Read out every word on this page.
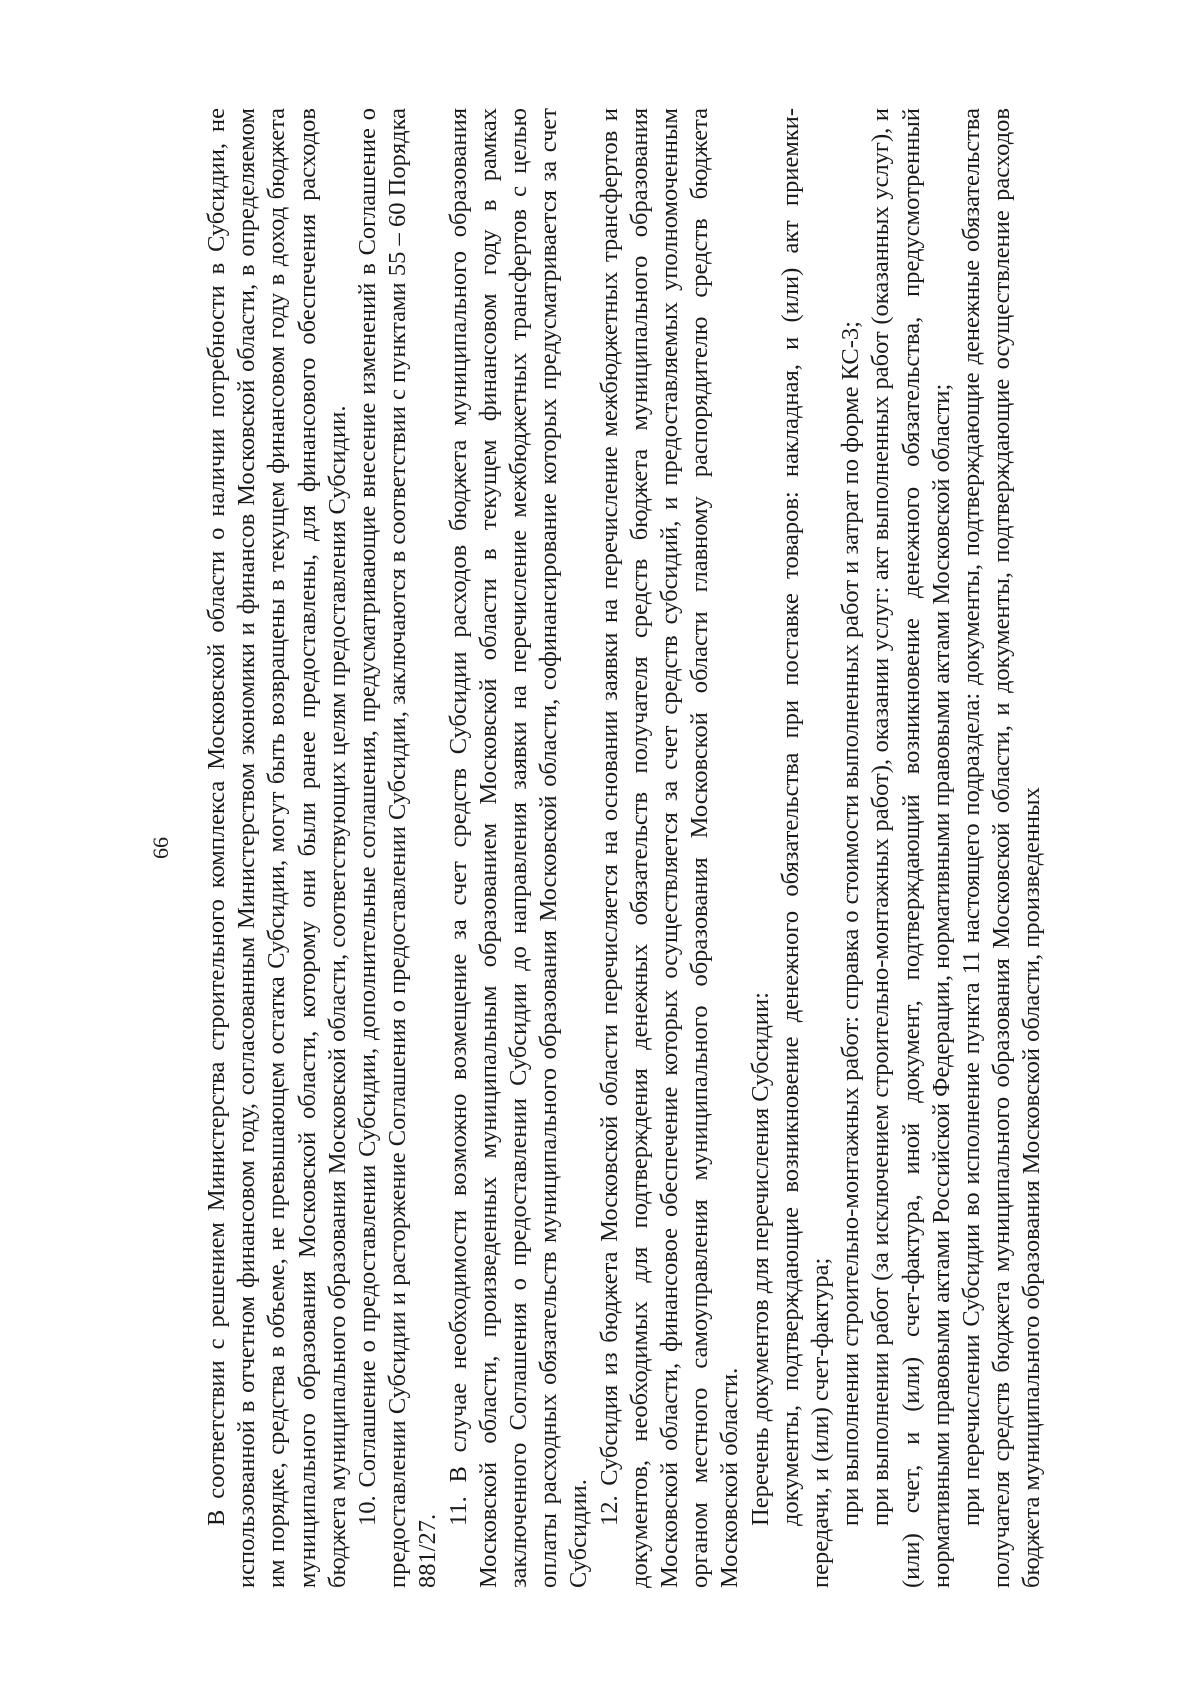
66 В соответствии с решением Министерства строительного комплекса Московской области о наличии потребности в Субсидии, не использованной в отчетном финансовом году, согласованным Министерством экономики и финансов Московской области, в определяемом им порядке, средства в объеме, не превышающем остатка Субсидии, могут быть возвращены в текущем финансовом году в доход бюджета муниципального образования Московской области, которому они были ранее предоставлены, для финансового обеспечения расходов бюджета муниципального образования Московской области, соответствующих целям предоставления Субсидии. 10. Соглашение о предоставлении Субсидии, дополнительные соглашения, предусматривающие внесение изменений в Соглашение о предоставлении Субсидии и расторжение Соглашения о предоставлении Субсидии, заключаются в соответствии с пунктами 55 – 60 Порядка 881/27.

11. В случае необходимости возможно возмещение за счет средств Субсидии расходов бюджета муниципального образования Московской области, произведенных муниципальным образованием Московской области в текущем финансовом году в рамках заключенного Соглашения о предоставлении Субсидии до направления заявки на перечисление межбюджетных трансфертов с целью оплаты расходных обязательств муниципального образования Московской области, софинансирование которых предусматривается за счет Субсидии.

12. Субсидия из бюджета Московской области перечисляется на основании заявки на перечисление межбюджетных трансфертов и документов, необходимых для подтверждения денежных обязательств получателя средств бюджета муниципального образования Московской области, финансовое обеспечение которых осуществляется за счет средств субсидий, и предоставляемых уполномоченным органом местного самоуправления муниципального образования Московской области главному распорядителю средств бюджета Московской области. Перечень документов для перечисления Субсидии: документы, подтверждающие возникновение денежного обязательства при поставке товаров: накладная, и (или) акт приемки-передачи, и (или) счет-фактура; при выполнении строительно-монтажных работ: справка о стоимости выполненных работ и затрат по форме КС-3; при выполнении работ (за исключением строительно-монтажных работ), оказании услуг: акт выполненных работ (оказанных услуг), и (или) счет, и (или) счет-фактура, иной документ, подтверждающий возникновение денежного обязательства, предусмотренный нормативными правовыми актами Российской Федерации, нормативными правовыми актами Московской области; при перечислении Субсидии во исполнение пункта 11 настоящего подраздела: документы, подтверждающие денежные обязательства получателя средств бюджета муниципального образования Московской области, и документы, подтверждающие осуществление расходов бюджета муниципального образования Московской области, произведенных
